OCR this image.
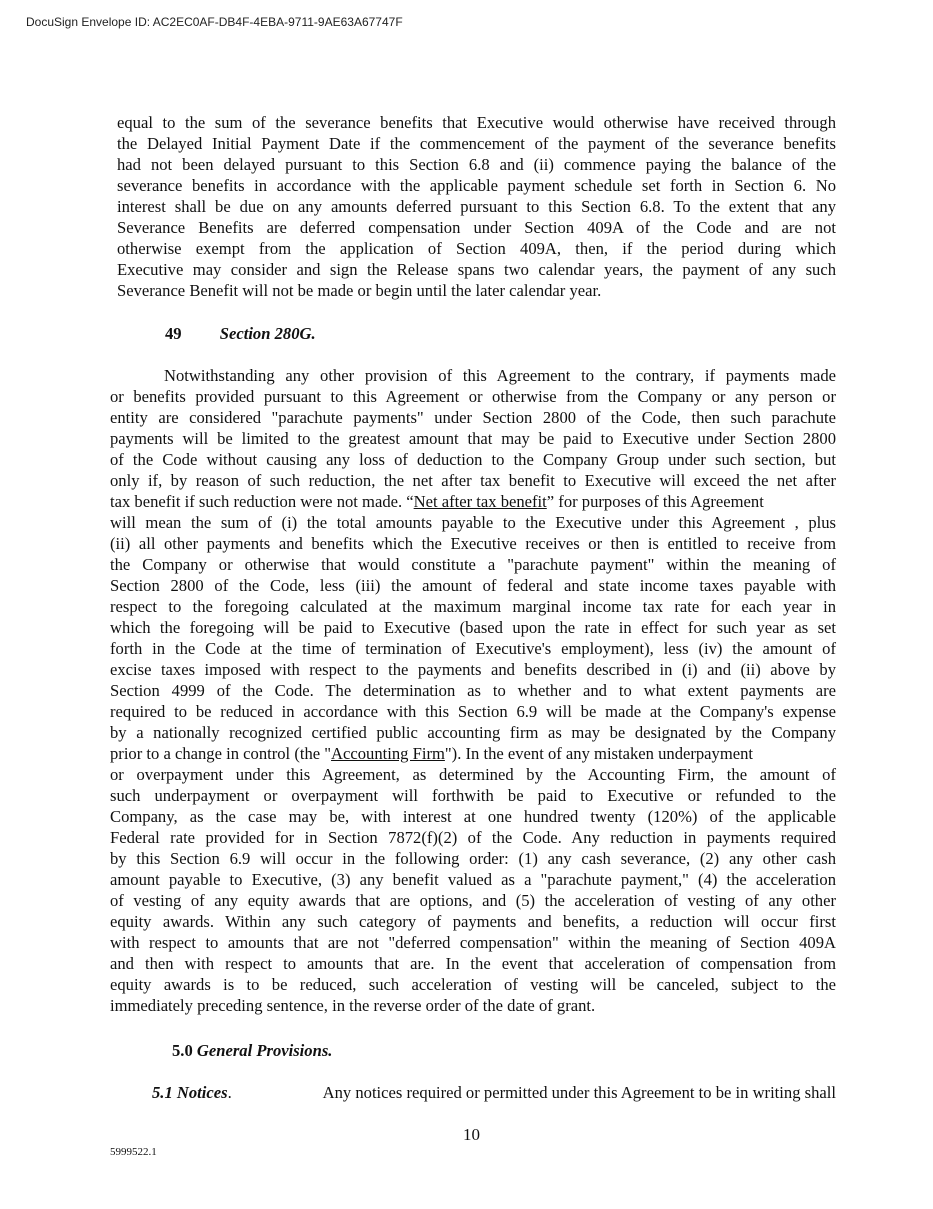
DocuSign Envelope ID: AC2EC0AF-DB4F-4EBA-9711-9AE63A67747F
equal to the sum of the severance benefits that Executive would otherwise have received through
the Delayed Initial Payment Date if the commencement of the payment of the severance benefits
had not been delayed pursuant to this Section 6.8 and (ii) commence paying the balance of the
severance benefits in accordance with the applicable payment schedule set forth in Section 6. No
interest shall be due on any amounts deferred pursuant to this Section 6.8. To the extent that any
Severance Benefits are deferred compensation under Section 409A of the Code and are not
otherwise exempt from the application of Section 409A, then, if the period during which
Executive may consider and sign the Release spans two calendar years, the payment of any such
Severance Benefit will not be made or begin until the later calendar year.
49 Section 280G.
Notwithstanding any other provision of this Agreement to the contrary, if payments made
or benefits provided pursuant to this Agreement or otherwise from the Company or any person or
entity are considered "parachute payments" under Section 2800 of the Code, then such parachute
payments will be limited to the greatest amount that may be paid to Executive under Section 2800
of the Code without causing any loss of deduction to the Company Group under such section, but
only if, by reason of such reduction, the net after tax benefit to Executive will exceed the net after
tax benefit if such reduction were not made. “Net after tax benefit” for purposes of this Agreement
will mean the sum of (i) the total amounts payable to the Executive under this Agreement , plus
(ii) all other payments and benefits which the Executive receives or then is entitled to receive from
the Company or otherwise that would constitute a "parachute payment" within the meaning of
Section 2800 of the Code, less (iii) the amount of federal and state income taxes payable with
respect to the foregoing calculated at the maximum marginal income tax rate for each year in
which the foregoing will be paid to Executive (based upon the rate in effect for such year as set
forth in the Code at the time of termination of Executive's employment), less (iv) the amount of
excise taxes imposed with respect to the payments and benefits described in (i) and (ii) above by
Section 4999 of the Code. The determination as to whether and to what extent payments are
required to be reduced in accordance with this Section 6.9 will be made at the Company's expense
by a nationally recognized certified public accounting firm as may be designated by the Company
prior to a change in control (the "Accounting Firm"). In the event of any mistaken underpayment
or overpayment under this Agreement, as determined by the Accounting Firm, the amount of
such underpayment or overpayment will forthwith be paid to Executive or refunded to the
Company, as the case may be, with interest at one hundred twenty (120%) of the applicable
Federal rate provided for in Section 7872(f)(2) of the Code. Any reduction in payments required
by this Section 6.9 will occur in the following order: (1) any cash severance, (2) any other cash
amount payable to Executive, (3) any benefit valued as a "parachute payment," (4) the acceleration
of vesting of any equity awards that are options, and (5) the acceleration of vesting of any other
equity awards. Within any such category of payments and benefits, a reduction will occur first
with respect to amounts that are not "deferred compensation" within the meaning of Section 409A
and then with respect to amounts that are. In the event that acceleration of compensation from
equity awards is to be reduced, such acceleration of vesting will be canceled, subject to the
immediately preceding sentence, in the reverse order of the date of grant.
5.0 General Provisions.
5.1 Notices.	Any notices required or permitted under this Agreement to be in writing shall
10
5999522.1
